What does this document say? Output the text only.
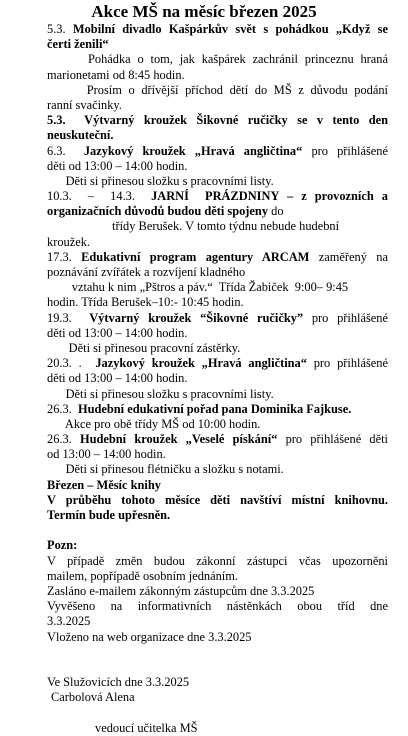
Akce MŠ na měsíc březen 2025
5.3. Mobilní divadlo Kašpárkův svět s pohádkou „Když se
čerti ženili“
Pohádka o tom, jak kašpárek zachránil princeznu hraná
marionetami od 8:45 hodin.
Prosím o dřívější příchod dětí do MŠ z důvodu podání
ranní svačinky.
5.3.  Výtvarný kroužek Šikovné ručičky se v tento den
neuskuteční.
6.3.  Jazykový kroužek „Hravá angličtina“ pro přihlášené
děti od 13:00 – 14:00 hodin.
Děti si přinesou složku s pracovními listy.
10.3.  –  14.3.  JARNÍ  PRÁZDNINY – z provozních a
organizačních důvodů budou děti spojeny do
třídy Berušek. V tomto týdnu nebude hudební
kroužek.
17.3. Edukativní program agentury ARCAM zaměřený na
poznávání zvířátek a rozvíjení kladného
vztahu k nim „Pštros a páv.“  Třída Žabiček  9:00– 9:45
hodin. Třída Berušek–10:- 10:45 hodin.
19.3.  Výtvarný kroužek “Šikovné ručičky” pro přihlášené
děti od 13:00 – 14:00 hodin.
Děti si přinesou pracovní zástěrky.
20.3. .  Jazykový kroužek „Hravá angličtina“ pro přihlášené
děti od 13:00 – 14:00 hodin.
Děti si přinesou složku s pracovními listy.
26.3.  Hudební edukativní pořad pana Dominika Fajkuse.
Akce pro obě třídy MŠ od 10:00 hodin.
26.3. Hudební kroužek „Veselé pískání“ pro přihlášené děti
od 13:00 – 14:00 hodin.
Děti si přinesou flétničku a složku s notami.
Březen – Měsíc knihy
V průběhu tohoto měsíce děti navštíví místní knihovnu.
Termín bude upřesněn.
Pozn:
V případě změn budou zákonní zástupci včas upozorněni
mailem, popřípadě osobním jednáním.
Zasláno e-mailem zákonným zástupcům dne 3.3.2025
Vyvěšeno na informativních nástěnkách obou tříd dne
3.3.2025
Vloženo na web organizace dne 3.3.2025
Ve Služovicích dne 3.3.2025
Carbolová Alena
vedoucí učitelka MŠ
